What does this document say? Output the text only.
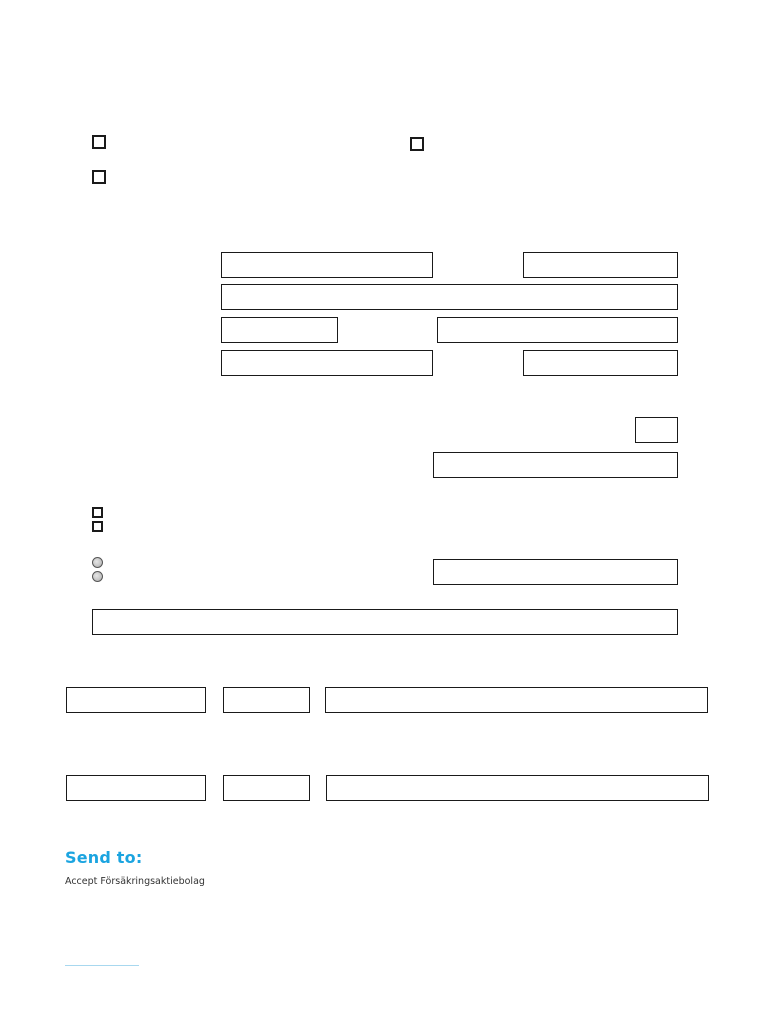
Send to:
Accept Försäkringsaktiebolag
